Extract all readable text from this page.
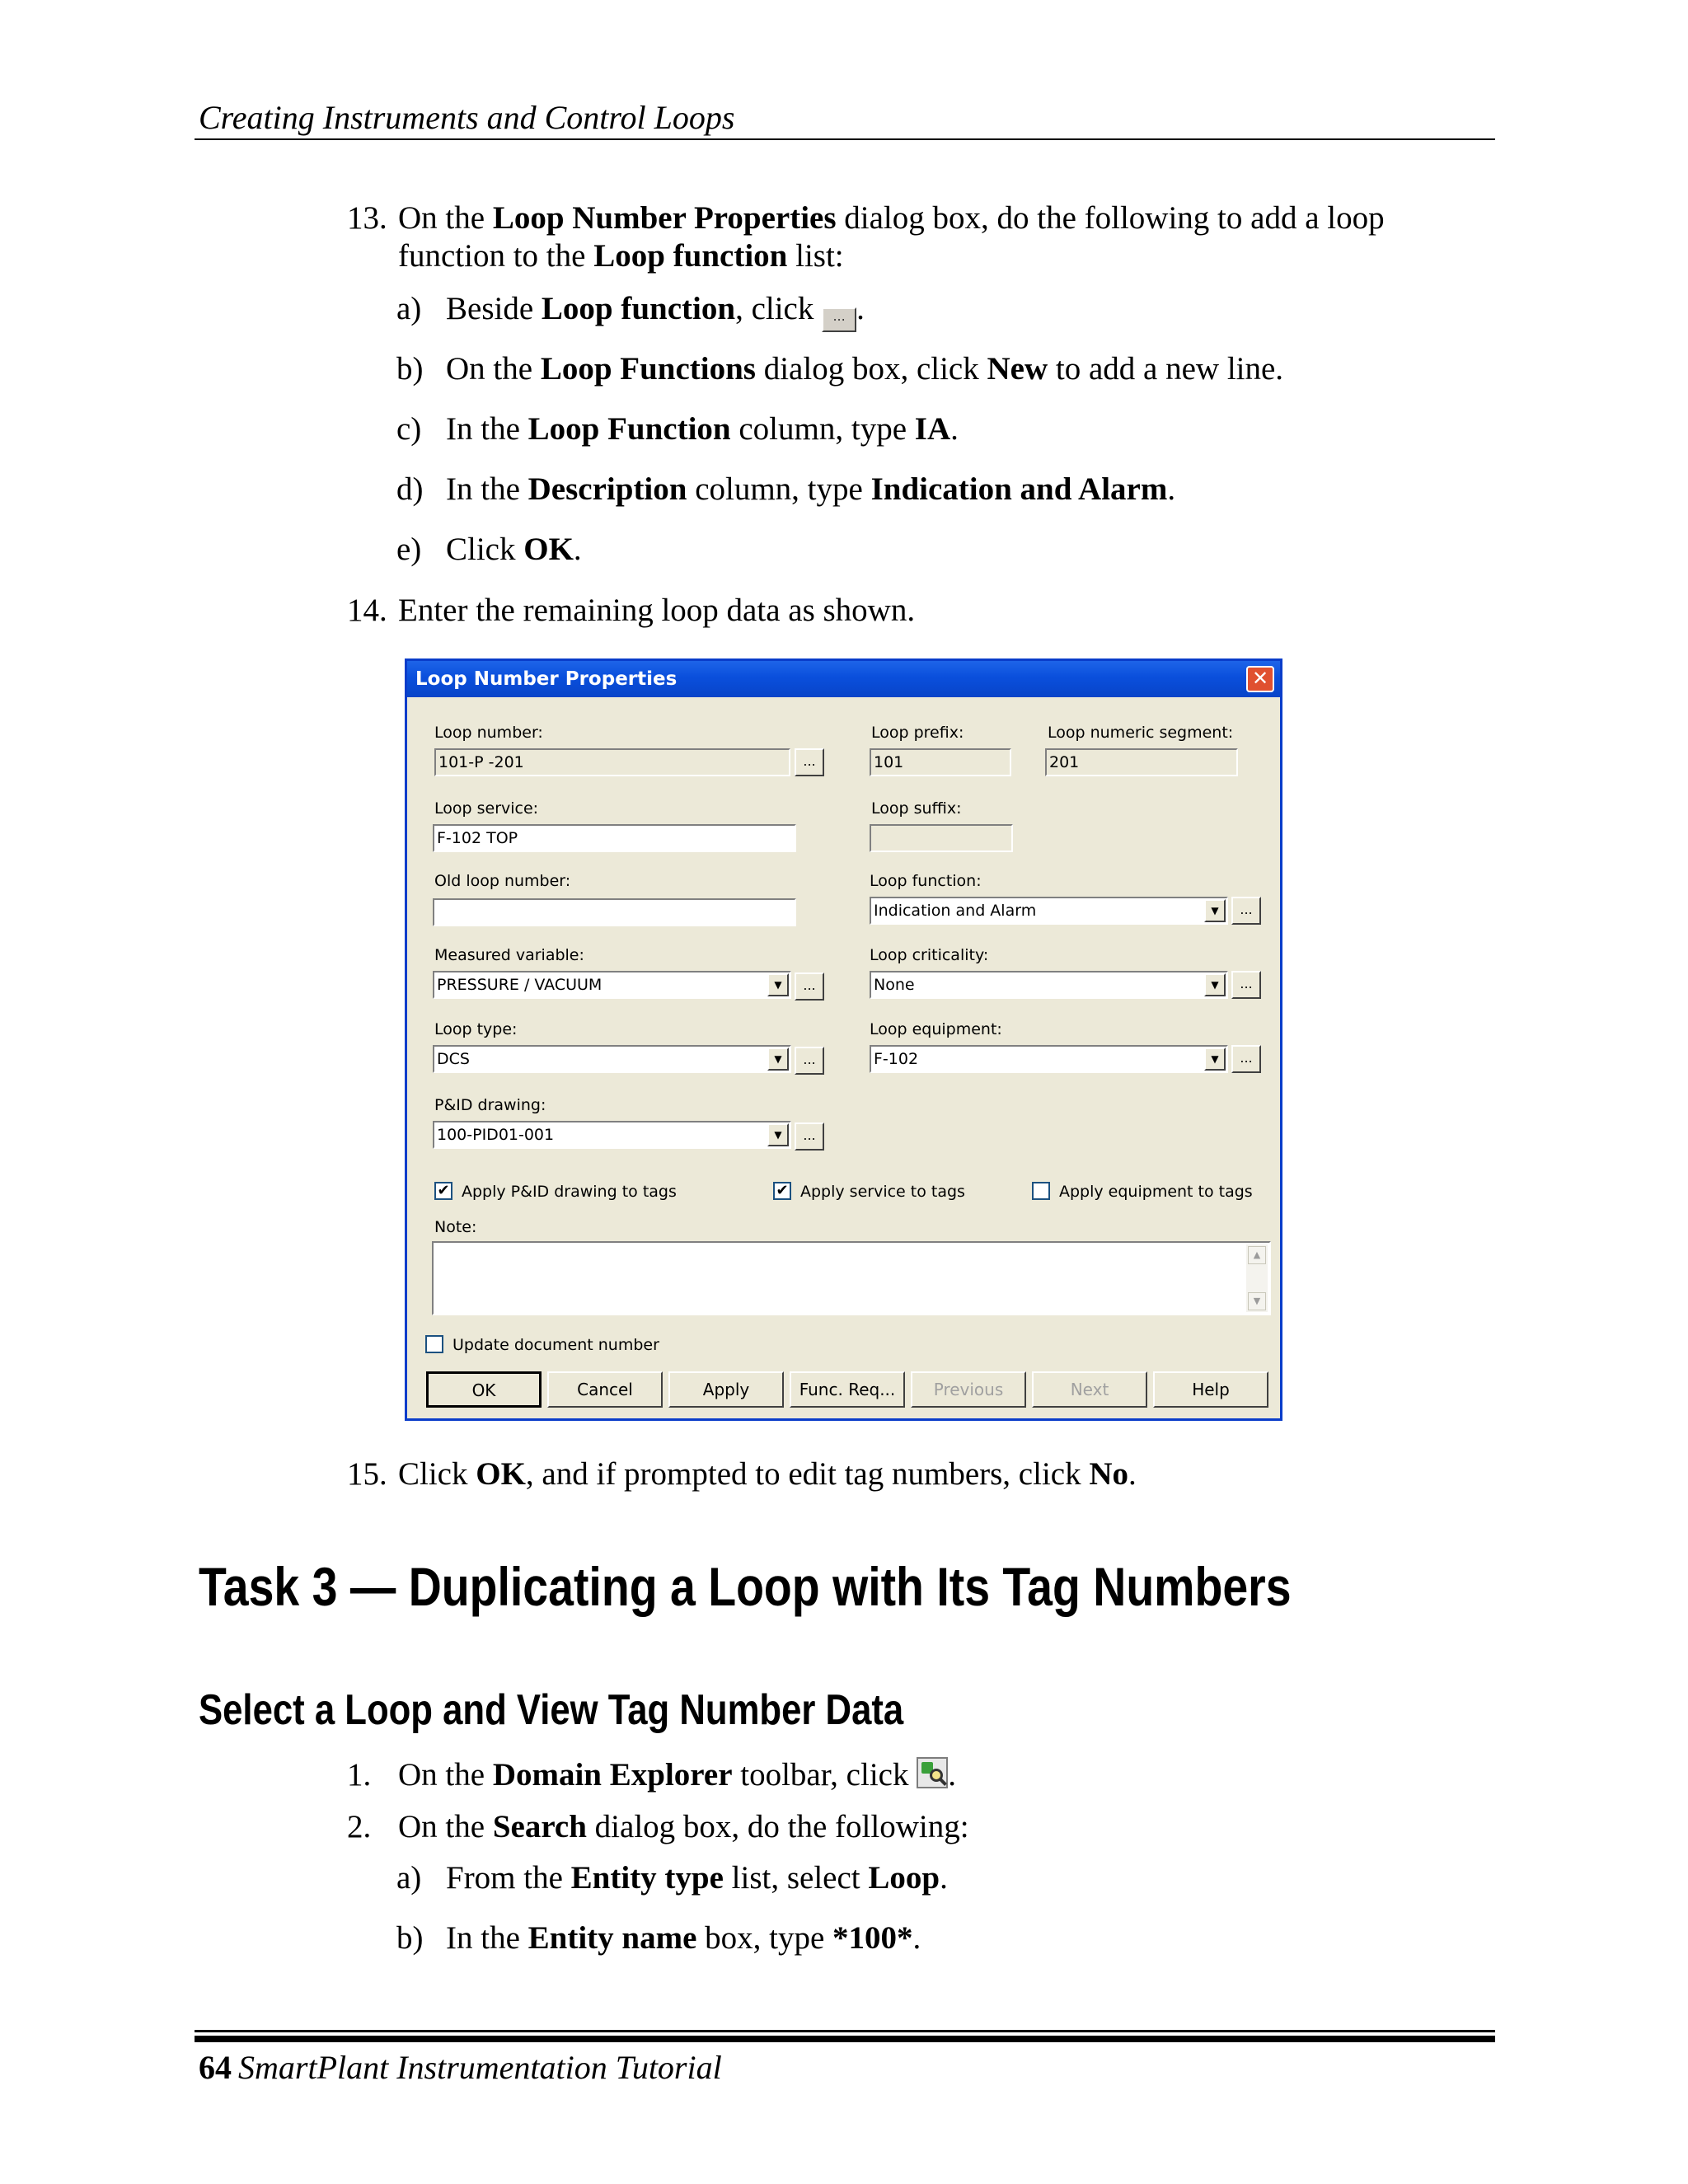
Creating Instruments and Control Loops
13. On the Loop Number Properties dialog box, do the following to add a loop
function to the Loop function list:
a) Beside Loop function, click ... .
b) On the Loop Functions dialog box, click New to add a new line.
c) In the Loop Function column, type IA.
d) In the Description column, type Indication and Alarm.
e) Click OK.
14. Enter the remaining loop data as shown.
Loop Number Properties	✕
Loop number:
101-P -201	...
Loop prefix:
101
Loop numeric segment:
201
Loop service:
F-102 TOP
Loop suffix:
Old loop number:	Loop function:
Indication and Alarm	▼	...
Measured variable:
PRESSURE / VACUUM	▼	...
Loop criticality:
None	▼	...
Loop type:
DCS	▼	...
Loop equipment:
F-102	▼	...
P&ID drawing:
100-PID01-001	▼	...
✔ Apply P&ID drawing to tags	✔ Apply service to tags	Apply equipment to tags
Note:
▲
▼
Update document number
OK	Cancel	Apply	Func. Req...	Previous	Next	Help
15. Click OK, and if prompted to edit tag numbers, click No.
Task 3 — Duplicating a Loop with Its Tag Numbers
Select a Loop and View Tag Number Data
1. On the Domain Explorer toolbar, click
.
2. On the Search dialog box, do the following:
a) From the Entity type list, select Loop.
b) In the Entity name box, type *100*.
64 SmartPlant Instrumentation Tutorial
